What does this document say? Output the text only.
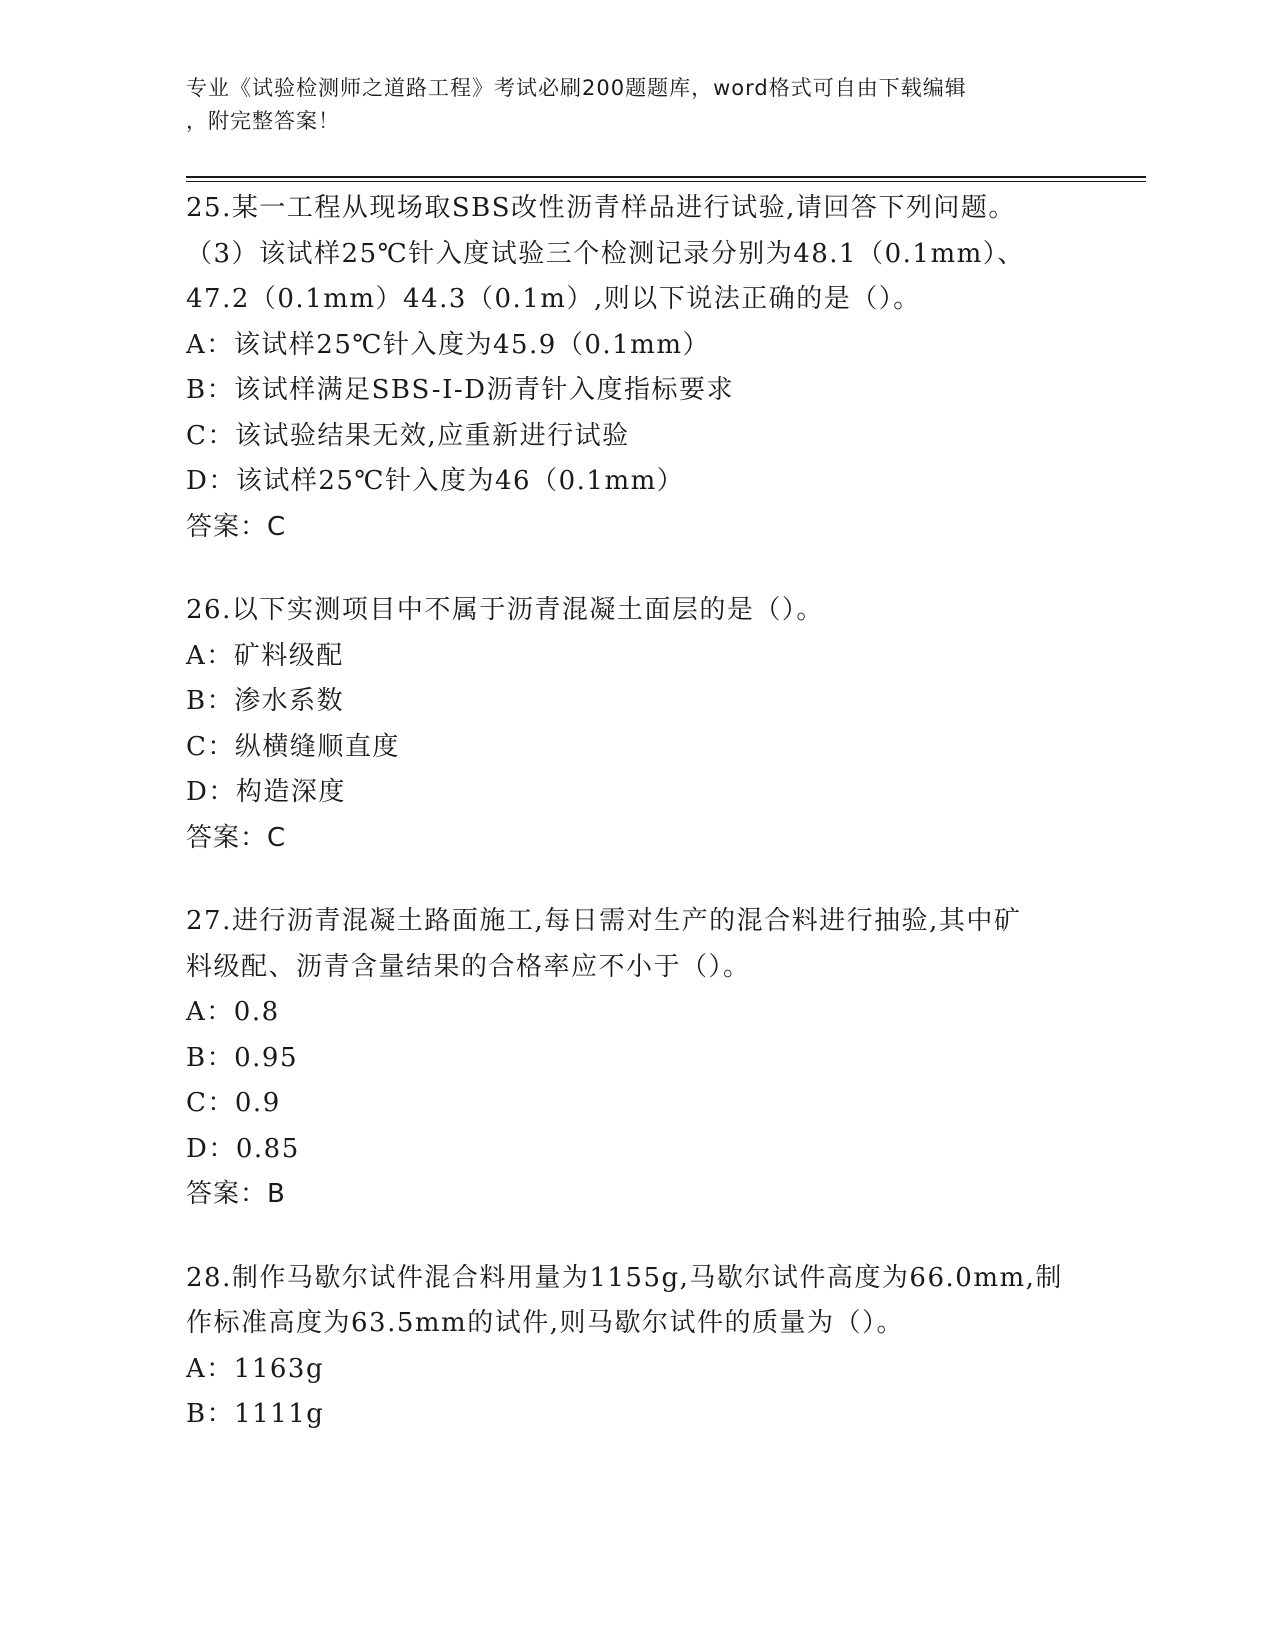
专业《试验检测师之道路工程》考试必刷200题题库，word格式可自由下载编辑
，附完整答案！
25.某一工程从现场取SBS改性沥青样品进行试验,请回答下列问题。
（3）该试样25℃针入度试验三个检测记录分别为48.1（0.1mm）、
47.2（0.1mm）44.3（0.1m）,则以下说法正确的是（）。
A：该试样25℃针入度为45.9（0.1mm）
B：该试样满足SBS-Ⅰ-D沥青针入度指标要求
C：该试验结果无效,应重新进行试验
D：该试样25℃针入度为46（0.1mm）
答案：C
26.以下实测项目中不属于沥青混凝土面层的是（）。
A：矿料级配
B：渗水系数
C：纵横缝顺直度
D：构造深度
答案：C
27.进行沥青混凝土路面施工,每日需对生产的混合料进行抽验,其中矿
料级配、沥青含量结果的合格率应不小于（）。
A：0.8
B：0.95
C：0.9
D：0.85
答案：B
28.制作马歇尔试件混合料用量为1155g,马歇尔试件高度为66.0mm,制
作标准高度为63.5mm的试件,则马歇尔试件的质量为（）。
A：1163g
B：1111g
